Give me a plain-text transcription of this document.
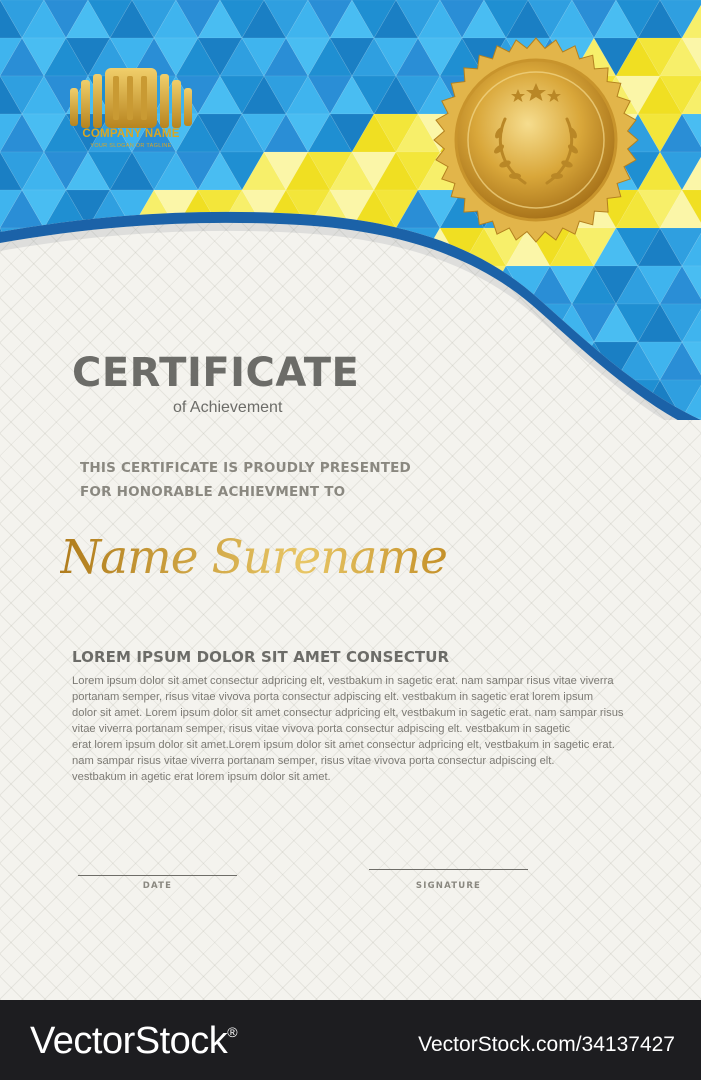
COMPANY NAME
YOUR SLOGAN OR TAGLINE
CERTIFICATE
of Achievement
THIS CERTIFICATE IS PROUDLY PRESENTED
FOR HONORABLE ACHIEVMENT TO
Name Surename
LOREM IPSUM DOLOR SIT AMET CONSECTUR
Lorem ipsum dolor sit amet consectur adpricing elt, vestbakum in sagetic erat. nam sampar risus vitae viverra
portanam semper, risus vitae vivova porta consectur adpiscing elt. vestbakum in sagetic erat lorem ipsum
dolor sit amet. Lorem ipsum dolor sit amet consectur adpricing elt, vestbakum in sagetic erat. nam sampar risus
vitae viverra portanam semper, risus vitae vivova porta consectur adpiscing elt. vestbakum in sagetic
erat lorem ipsum dolor sit amet.Lorem ipsum dolor sit amet consectur adpricing elt, vestbakum in sagetic erat.
nam sampar risus vitae viverra portanam semper, risus vitae vivova porta consectur adpiscing elt.
vestbakum in agetic erat lorem ipsum dolor sit amet.
DATE	SIGNATURE
VectorStock®
VectorStock.com/34137427
